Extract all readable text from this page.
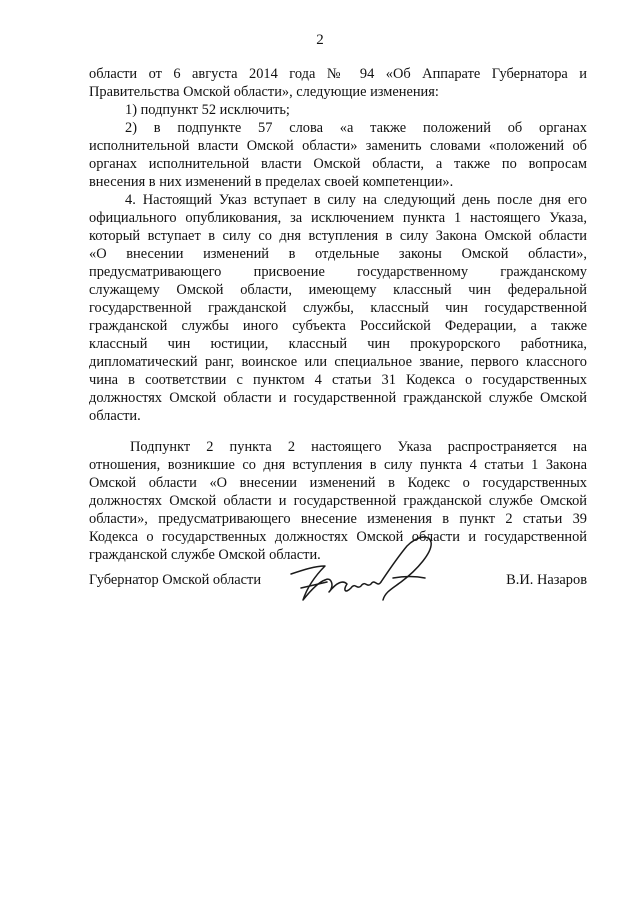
2
области от 6 августа 2014 года № 94 «Об Аппарате Губернатора и
Правительства Омской области», следующие изменения:
1) подпункт 52 исключить;
2) в подпункте 57 слова «а также положений об органах
исполнительной власти Омской области» заменить словами «положений об
органах исполнительной власти Омской области, а также по вопросам
внесения в них изменений в пределах своей компетенции».
4. Настоящий Указ вступает в силу на следующий день после дня его
официального опубликования, за исключением пункта 1 настоящего Указа,
который вступает в силу со дня вступления в силу Закона Омской области
«О внесении изменений в отдельные законы Омской области»,
предусматривающего присвоение государственному гражданскому
служащему Омской области, имеющему классный чин федеральной
государственной гражданской службы, классный чин государственной
гражданской службы иного субъекта Российской Федерации, а также
классный чин юстиции, классный чин прокурорского работника,
дипломатический ранг, воинское или специальное звание, первого классного
чина в соответствии с пунктом 4 статьи 31 Кодекса о государственных
должностях Омской области и государственной гражданской службе Омской
области.
Подпункт 2 пункта 2 настоящего Указа распространяется на
отношения, возникшие со дня вступления в силу пункта 4 статьи 1 Закона
Омской области «О внесении изменений в Кодекс о государственных
должностях Омской области и государственной гражданской службе Омской
области», предусматривающего внесение изменения в пункт 2 статьи 39
Кодекса о государственных должностях Омской области и государственной
гражданской службе Омской области.
Губернатор Омской области	В.И. Назаров
